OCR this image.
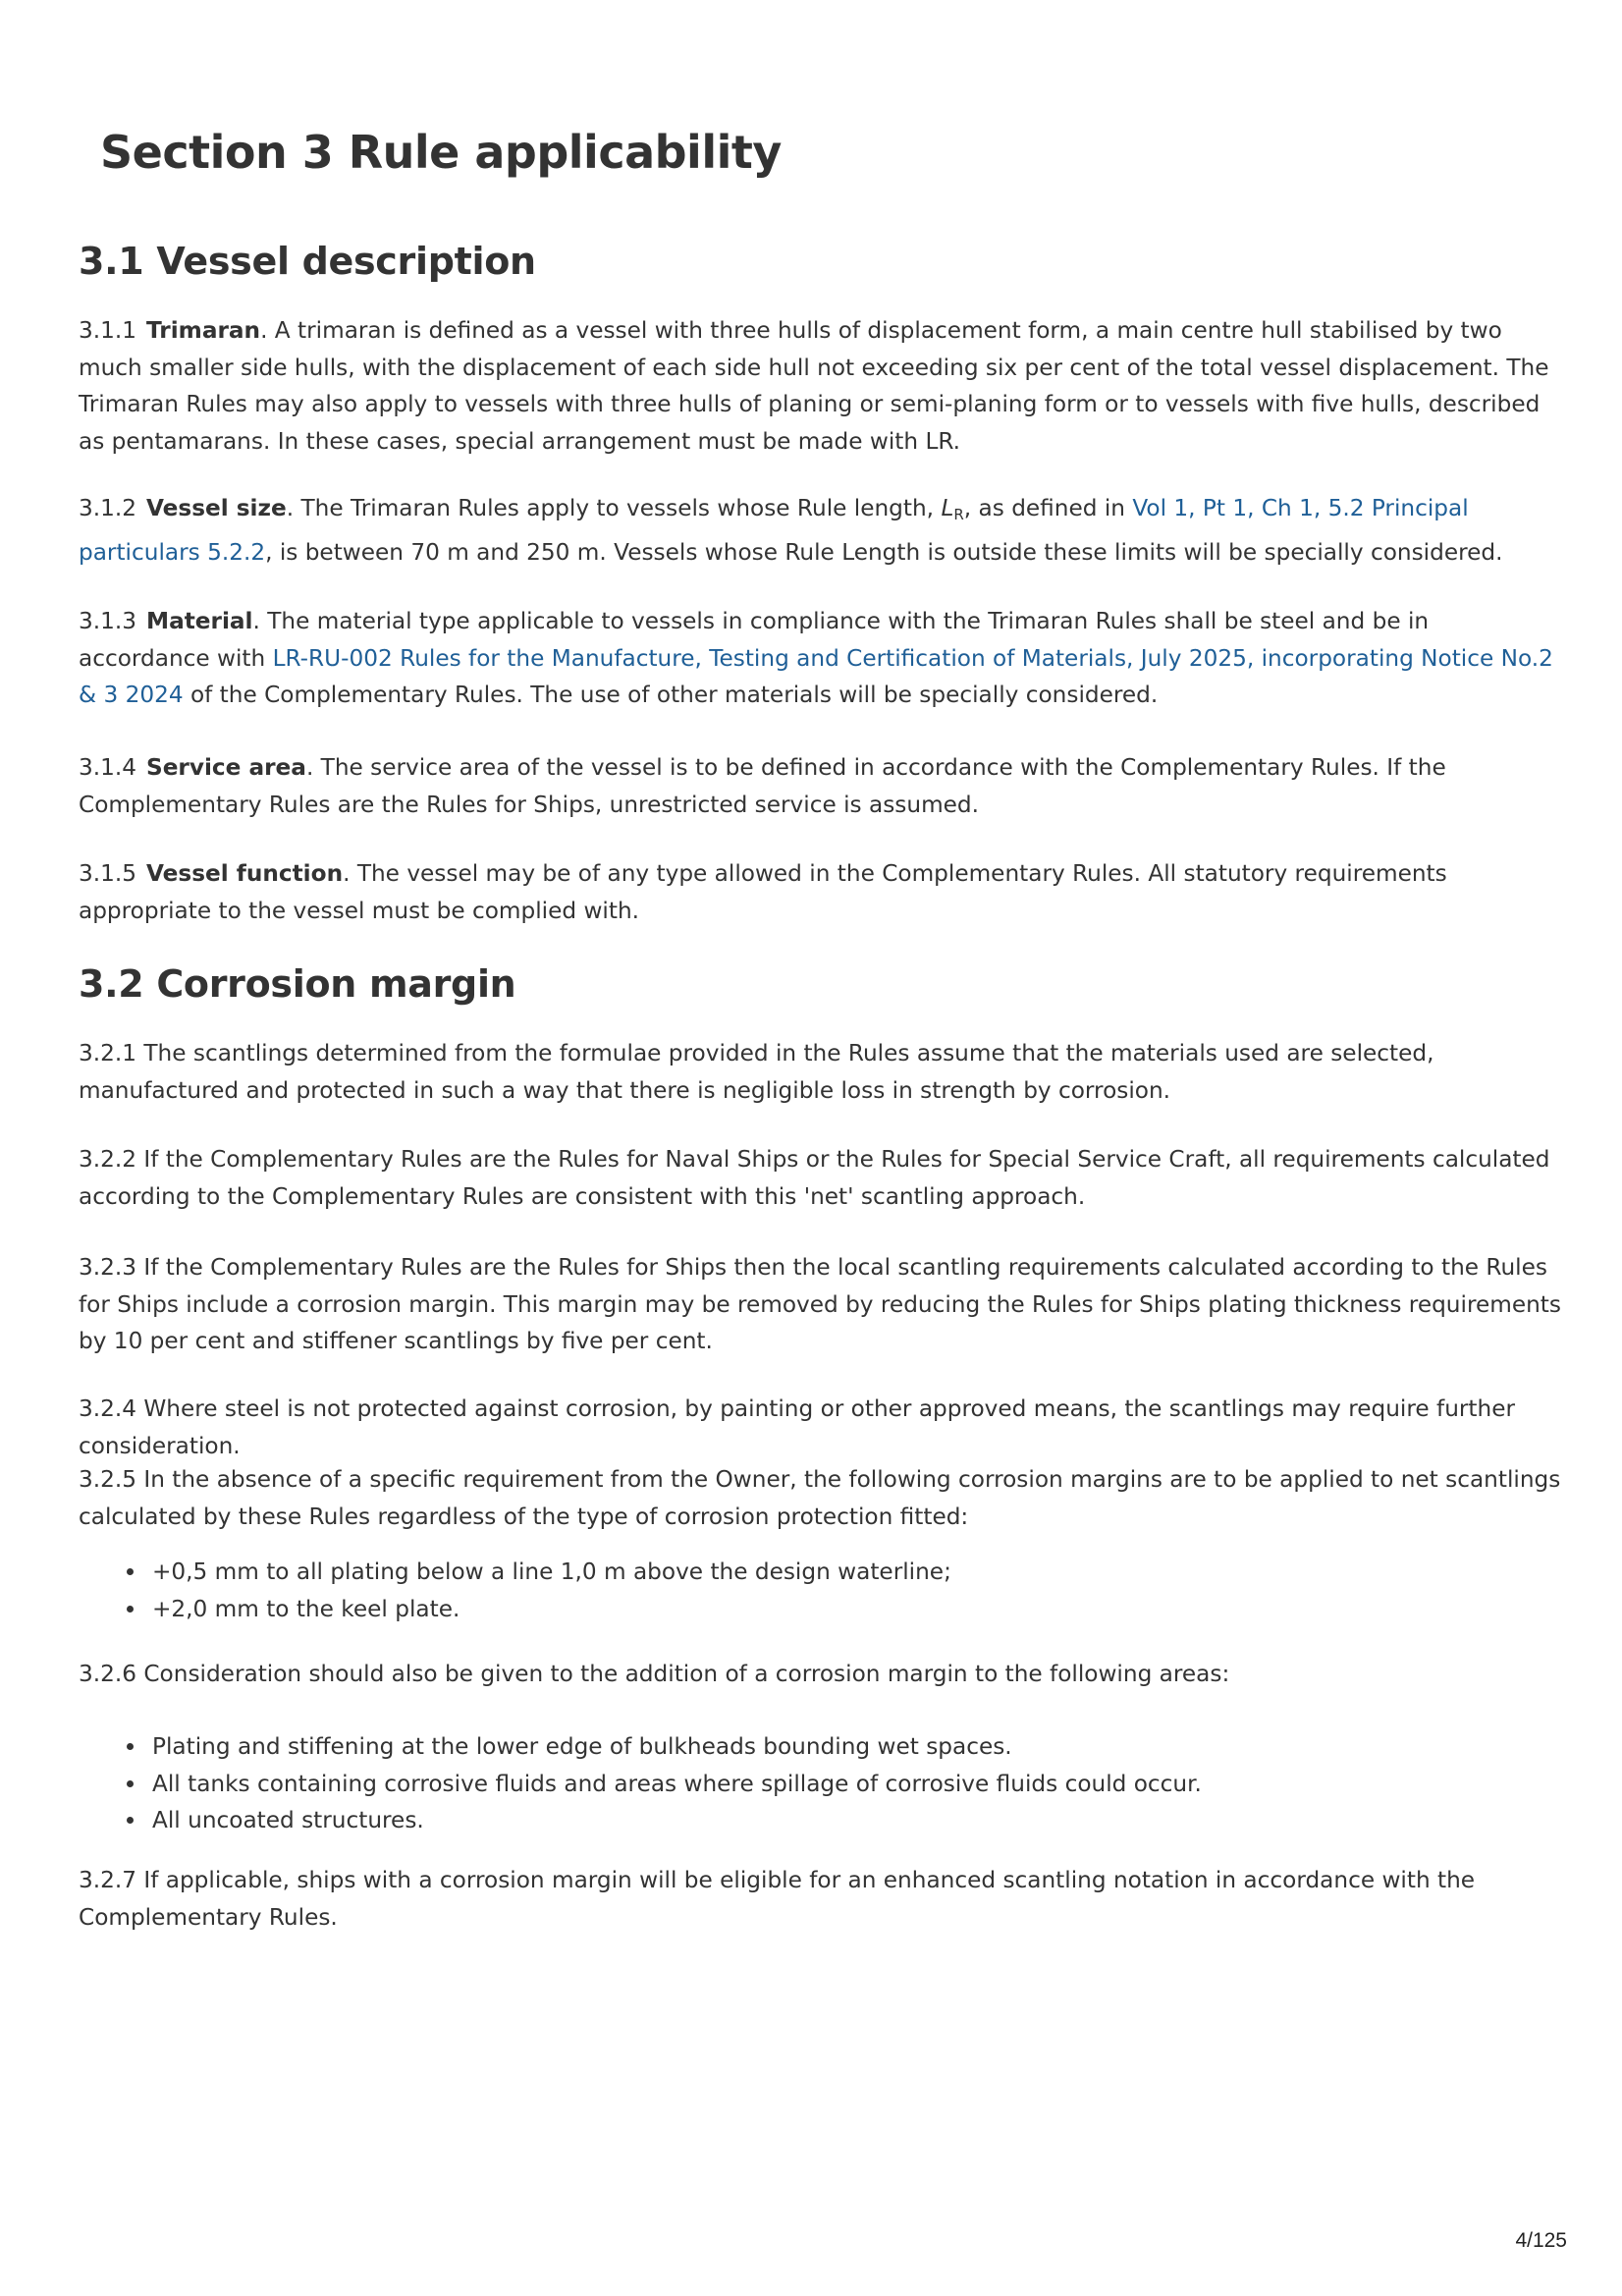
Section 3 Rule applicability
3.1 Vessel description

3.1.1 Trimaran. A trimaran is defined as a vessel with three hulls of displacement form, a main centre hull stabilised by two much smaller side hulls, with the displacement of each side hull not exceeding six per cent of the total vessel displacement. The Trimaran Rules may also apply to vessels with three hulls of planing or semi-planing form or to vessels with five hulls, described as pentamarans. In these cases, special arrangement must be made with LR.

3.1.2 Vessel size. The Trimaran Rules apply to vessels whose Rule length, $L_R$, as defined in Vol 1, Pt 1, Ch 1, 5.2 Principal particulars 5.2.2, is between 70 m and 250 m. Vessels whose Rule Length is outside these limits will be specially considered.

3.1.3 Material. The material type applicable to vessels in compliance with the Trimaran Rules shall be steel and be in accordance with LR-RU-002 Rules for the Manufacture, Testing and Certification of Materials, July 2025, incorporating Notice No.2 & 3 2024 of the Complementary Rules. The use of other materials will be specially considered.

3.1.4 Service area. The service area of the vessel is to be defined in accordance with the Complementary Rules. If the Complementary Rules are the Rules for Ships, unrestricted service is assumed.

3.1.5 Vessel function. The vessel may be of any type allowed in the Complementary Rules. All statutory requirements appropriate to the vessel must be complied with.

3.2 Corrosion margin

3.2.1 The scantlings determined from the formulae provided in the Rules assume that the materials used are selected, manufactured and protected in such a way that there is negligible loss in strength by corrosion.

3.2.2 If the Complementary Rules are the Rules for Naval Ships or the Rules for Special Service Craft, all requirements calculated according to the Complementary Rules are consistent with this 'net' scantling approach.

3.2.3 If the Complementary Rules are the Rules for Ships then the local scantling requirements calculated according to the Rules for Ships include a corrosion margin. This margin may be removed by reducing the Rules for Ships plating thickness requirements by 10 per cent and stiffener scantlings by five per cent.

3.2.4 Where steel is not protected against corrosion, by painting or other approved means, the scantlings may require further consideration.

3.2.5 In the absence of a specific requirement from the Owner, the following corrosion margins are to be applied to net scantlings calculated by these Rules regardless of the type of corrosion protection fitted:

+0,5 mm to all plating below a line 1,0 m above the design waterline;
+2,0 mm to the keel plate.

3.2.6 Consideration should also be given to the addition of a corrosion margin to the following areas:

Plating and stiffening at the lower edge of bulkheads bounding wet spaces.
All tanks containing corrosive fluids and areas where spillage of corrosive fluids could occur.
All uncoated structures.

3.2.7 If applicable, ships with a corrosion margin will be eligible for an enhanced scantling notation in accordance with the Complementary Rules.

4/125
